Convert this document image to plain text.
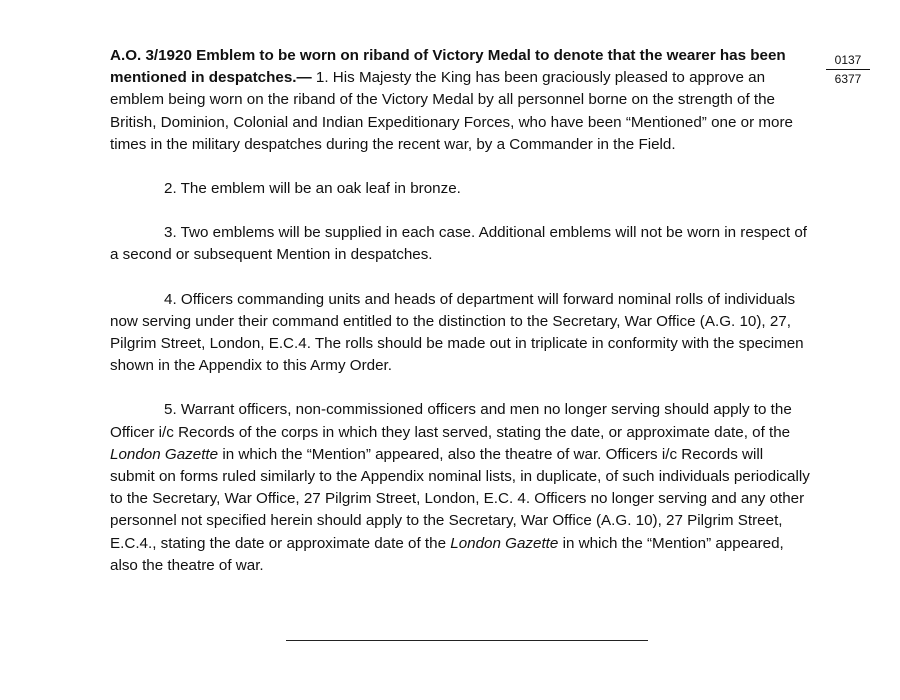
$\frac{0137}{6377}$

A.O. 3/1920 Emblem to be worn on riband of Victory Medal to denote that the wearer has been mentioned in despatches.— 1. His Majesty the King has been graciously pleased to approve an emblem being worn on the riband of the Victory Medal by all personnel borne on the strength of the British, Dominion, Colonial and Indian Expeditionary Forces, who have been “Mentioned” one or more times in the military despatches during the recent war, by a Commander in the Field.

2. The emblem will be an oak leaf in bronze.

3. Two emblems will be supplied in each case. Additional emblems will not be worn in respect of a second or subsequent Mention in despatches.

4. Officers commanding units and heads of department will forward nominal rolls of individuals now serving under their command entitled to the distinction to the Secretary, War Office (A.G. 10), 27, Pilgrim Street, London, E.C.4. The rolls should be made out in triplicate in conformity with the specimen shown in the Appendix to this Army Order.

5. Warrant officers, non-commissioned officers and men no longer serving should apply to the Officer i/c Records of the corps in which they last served, stating the date, or approximate date, of the London Gazette in which the “Mention” appeared, also the theatre of war. Officers i/c Records will submit on forms ruled similarly to the Appendix nominal lists, in duplicate, of such individuals periodically to the Secretary, War Office, 27 Pilgrim Street, London, E.C. 4. Officers no longer serving and any other personnel not specified herein should apply to the Secretary, War Office (A.G. 10), 27 Pilgrim Street, E.C.4., stating the date or approximate date of the London Gazette in which the “Mention” appeared, also the theatre of war.
